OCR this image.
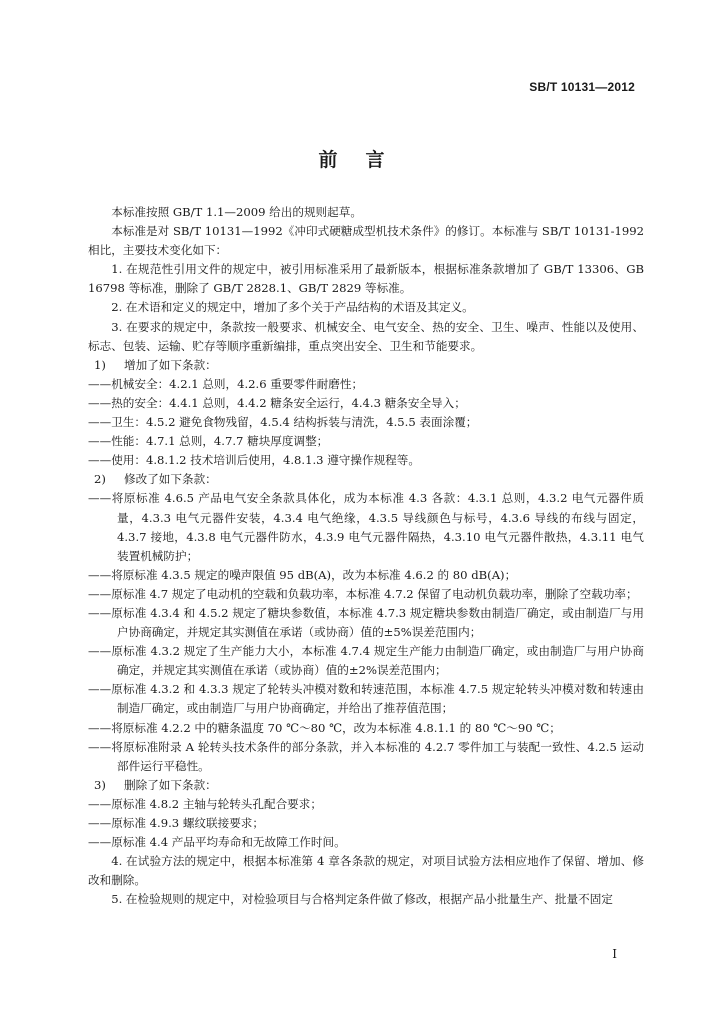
SB/T 10131—2012
前言

本标准按照 GB/T 1.1—2009 给出的规则起草。

本标准是对 SB/T 10131—1992《冲印式硬糖成型机技术条件》的修订。本标准与 SB/T 10131-1992 相比，主要技术变化如下：

1. 在规范性引用文件的规定中，被引用标准采用了最新版本，根据标准条款增加了 GB/T 13306、GB 16798 等标准，删除了 GB/T 2828.1、GB/T 2829 等标准。

2. 在术语和定义的规定中，增加了多个关于产品结构的术语及其定义。

3. 在要求的规定中，条款按一般要求、机械安全、电气安全、热的安全、卫生、噪声、性能以及使用、标志、包装、运输、贮存等顺序重新编排，重点突出安全、卫生和节能要求。

1) 增加了如下条款：

——机械安全：4.2.1 总则，4.2.6 重要零件耐磨性；

——热的安全：4.4.1 总则，4.4.2 糖条安全运行，4.4.3 糖条安全导入；

——卫生：4.5.2 避免食物残留，4.5.4 结构拆装与清洗，4.5.5 表面涂覆；

——性能：4.7.1 总则，4.7.7 糖块厚度调整；

——使用：4.8.1.2 技术培训后使用，4.8.1.3 遵守操作规程等。

2) 修改了如下条款：

——将原标准 4.6.5 产品电气安全条款具体化，成为本标准 4.3 各款：4.3.1 总则，4.3.2 电气元器件质量，4.3.3 电气元器件安装，4.3.4 电气绝缘，4.3.5 导线颜色与标号，4.3.6 导线的布线与固定，4.3.7 接地，4.3.8 电气元器件防水，4.3.9 电气元器件隔热，4.3.10 电气元器件散热，4.3.11 电气装置机械防护；

——将原标准 4.3.5 规定的噪声限值 95 dB(A)，改为本标准 4.6.2 的 80 dB(A)；

——原标准 4.7 规定了电动机的空载和负载功率，本标准 4.7.2 保留了电动机负载功率，删除了空载功率；

——原标准 4.3.4 和 4.5.2 规定了糖块参数值，本标准 4.7.3 规定糖块参数由制造厂确定，或由制造厂与用户协商确定，并规定其实测值在承诺（或协商）值的±5%误差范围内；

——原标准 4.3.2 规定了生产能力大小，本标准 4.7.4 规定生产能力由制造厂确定，或由制造厂与用户协商确定，并规定其实测值在承诺（或协商）值的±2%误差范围内；

——原标准 4.3.2 和 4.3.3 规定了轮转头冲模对数和转速范围，本标准 4.7.5 规定轮转头冲模对数和转速由制造厂确定，或由制造厂与用户协商确定，并给出了推荐值范围；

——将原标准 4.2.2 中的糖条温度 70 ℃～80 ℃，改为本标准 4.8.1.1 的 80 ℃～90 ℃；

——将原标准附录 A 轮转头技术条件的部分条款，并入本标准的 4.2.7 零件加工与装配一致性、4.2.5 运动部件运行平稳性。

3) 删除了如下条款：

——原标准 4.8.2 主轴与轮转头孔配合要求；

——原标准 4.9.3 螺纹联接要求；

——原标准 4.4 产品平均寿命和无故障工作时间。

4. 在试验方法的规定中，根据本标准第 4 章各条款的规定，对项目试验方法相应地作了保留、增加、修改和删除。

5. 在检验规则的规定中，对检验项目与合格判定条件做了修改，根据产品小批量生产、批量不固定

I
